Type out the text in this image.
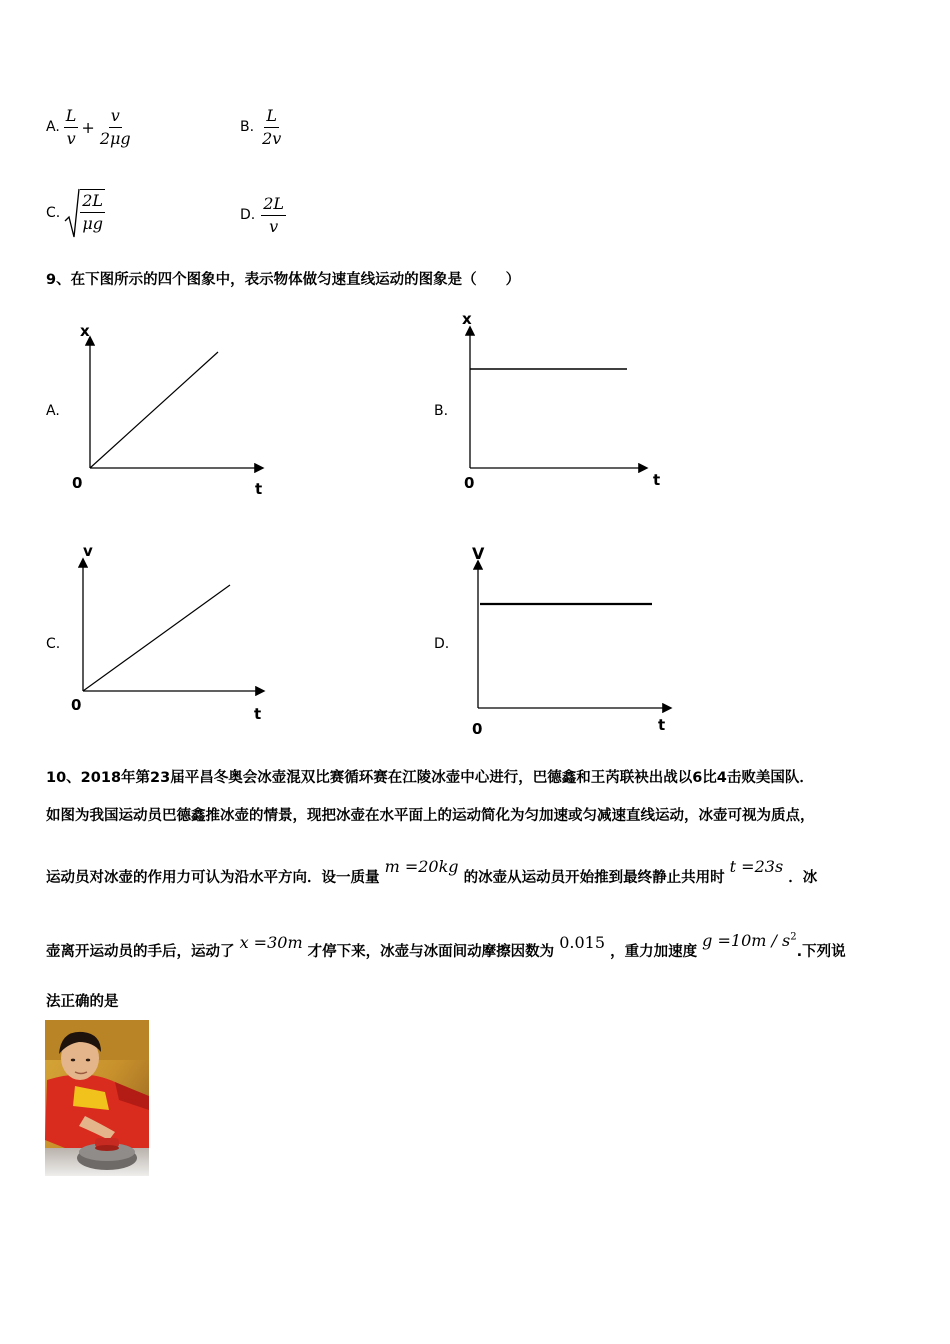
A. $\frac{L}{v} + \frac{v}{2\mu g}$	B. $\frac{L}{2v}$
C. $\frac{2L}{\mu g}$	D. $\frac{2L}{v}$
9、在下图所示的四个图象中，表示物体做匀速直线运动的图象是（　　）
A.
x
t
0
B.
x
t
0
C.
v
t
0
D.
V
t
0
10、2018年第23届平昌冬奥会冰壶混双比赛循环赛在江陵冰壶中心进行，巴德鑫和王芮联袂出战以6比4击败美国队．
如图为我国运动员巴德鑫推冰壶的情景，现把冰壶在水平面上的运动简化为匀加速或匀减速直线运动，冰壶可视为质点，
运动员对冰壶的作用力可认为沿水平方向．设一质量 m =20kg 的冰壶从运动员开始推到最终静止共用时 t =23s ．冰
壶离开运动员的手后，运动了 x =30m 才停下来，冰壶与冰面间动摩擦因数为 0.015 ，重力加速度 $g =10m / s^2$.下列说
法正确的是
